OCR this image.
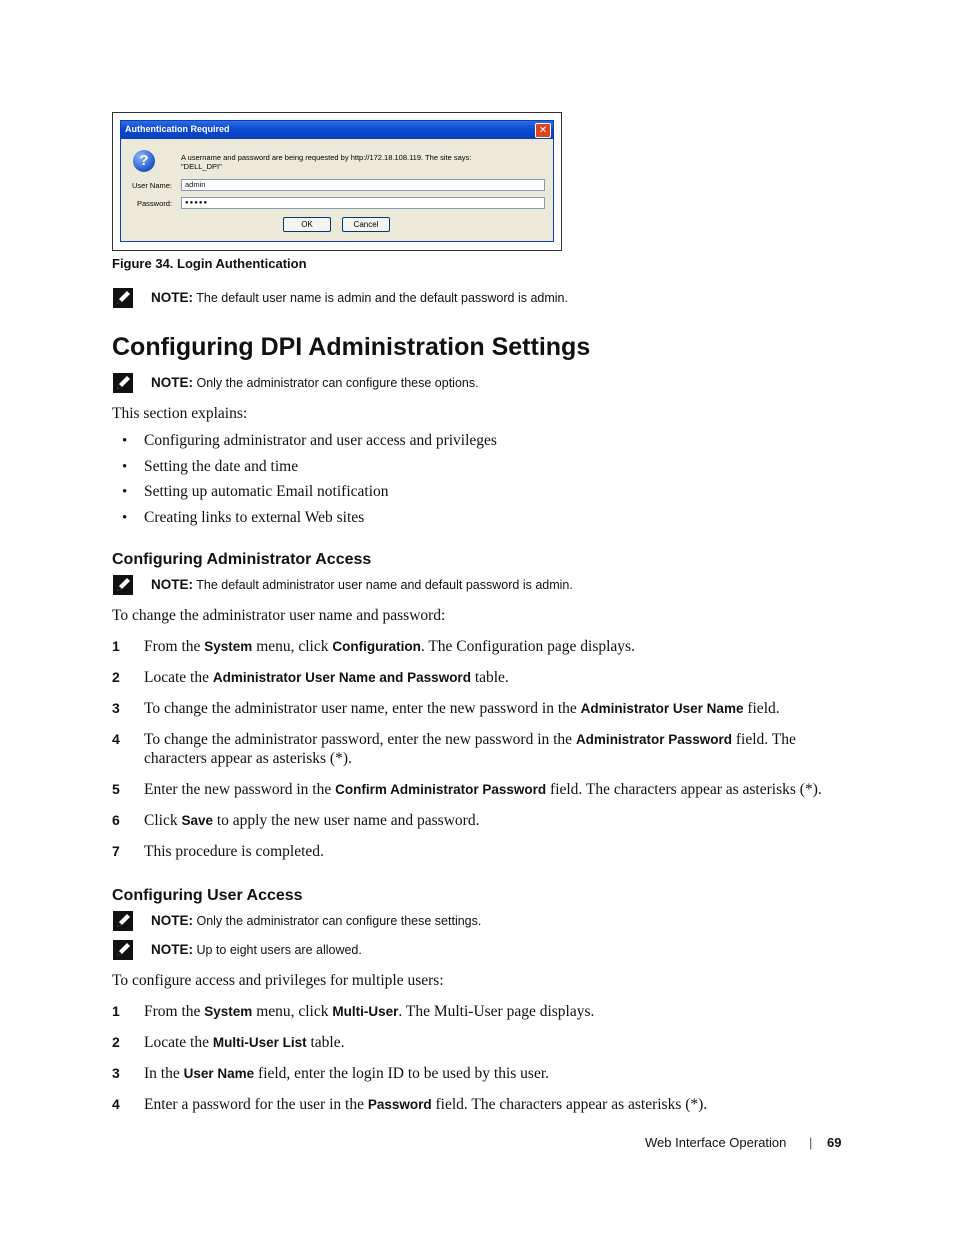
Authentication Required	✕
?	A username and password are being requested by http://172.18.108.119. The site says:
"DELL_DPI"
User Name:	admin
Password:	●●●●●
OK	Cancel
Figure 34. Login Authentication
NOTE: The default user name is admin and the default password is admin.
Configuring DPI Administration Settings
NOTE: Only the administrator can configure these options.
This section explains:
• Configuring administrator and user access and privileges
• Setting the date and time
• Setting up automatic Email notification
• Creating links to external Web sites
Configuring Administrator Access
NOTE: The default administrator user name and default password is admin.
To change the administrator user name and password:
1 From the System menu, click Configuration. The Configuration page displays.
2 Locate the Administrator User Name and Password table.
3 To change the administrator user name, enter the new password in the Administrator User Name field.
4 To change the administrator password, enter the new password in the Administrator Password field. The
characters appear as asterisks (*).
5 Enter the new password in the Confirm Administrator Password field. The characters appear as asterisks (*).
6 Click Save to apply the new user name and password.
7 This procedure is completed.
Configuring User Access
NOTE: Only the administrator can configure these settings.
NOTE: Up to eight users are allowed.
To configure access and privileges for multiple users:
1 From the System menu, click Multi-User. The Multi-User page displays.
2 Locate the Multi-User List table.
3 In the User Name field, enter the login ID to be used by this user.
4 Enter a password for the user in the Password field. The characters appear as asterisks (*).
Web Interface Operation | 69
